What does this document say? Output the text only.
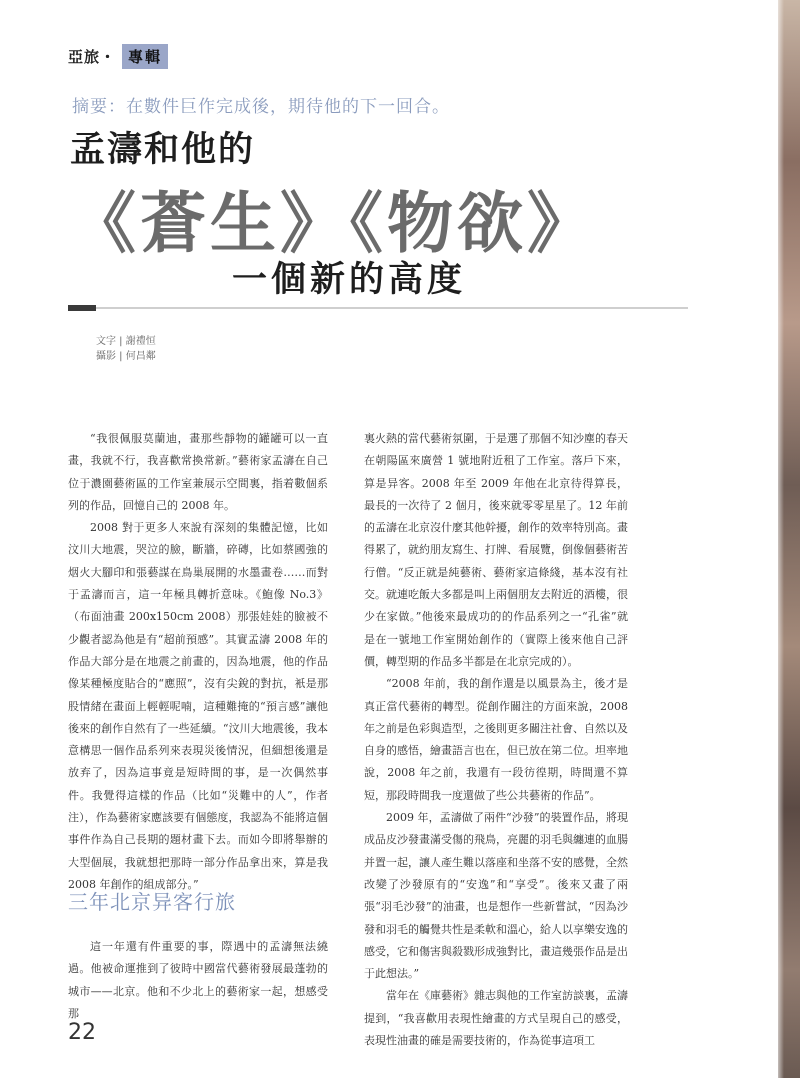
亞旅・ 專輯
摘要：在數件巨作完成後，期待他的下一回合。
孟濤和他的
《蒼生》《物欲》
一個新的高度
文字 | 謝禮恒
攝影 | 何昌鄰

“我很佩服莫蘭迪，畫那些靜物的罐罐可以一直畫，我就不行，我喜歡常換常新。”藝術家孟濤在自己位于濃園藝術區的工作室兼展示空間裏，指着數個系列的作品，回憶自己的 2008 年。

2008 對于更多人來說有深刻的集體記憶，比如汶川大地震，哭泣的臉，斷牆，碎磚，比如蔡國強的烟火大腳印和張藝謀在鳥巢展開的水墨畫卷……而對于孟濤而言，這一年極具轉折意味。《鮑像 No.3》（布面油畫 200x150cm 2008）那張娃娃的臉被不少觀者認為他是有“超前預感”。其實孟濤 2008 年的作品大部分是在地震之前畫的，因為地震，他的作品像某種極度貼合的“應照”，沒有尖銳的對抗，衹是那股情緒在畫面上輕輕呢喃，這種難掩的“預言感”讓他後來的創作自然有了一些延續。“汶川大地震後，我本意構思一個作品系列來表現災後情況，但細想後還是放弃了，因為這事竟是短時間的事，是一次偶然事件。我覺得這樣的作品（比如“災難中的人”，作者注），作為藝術家應該要有個態度，我認為不能將這個事件作為自己長期的題材畫下去。而如今即將舉辦的大型個展，我就想把那時一部分作品拿出來，算是我 2008 年創作的組成部分。”

三年北京异客行旅

這一年還有件重要的事，際遇中的孟濤無法繞過。他被命運推到了彼時中國當代藝術發展最蓬勃的城市——北京。他和不少北上的藝術家一起，想感受那

裏火熱的當代藝術氛圍，于是選了那個不知沙塵的春天在朝陽區來廣營 1 號地附近租了工作室。落戶下來，算是异客。2008 年至 2009 年他在北京待得算長，最長的一次待了 2 個月，後來就零零星星了。12 年前的孟濤在北京沒什麼其他幹擾，創作的效率特別高。畫得累了，就約朋友寫生、打牌、看展覽，倒像個藝術苦行僧。“反正就是純藝術、藝術家這條綫，基本沒有社交。就連吃飯大多都是叫上兩個朋友去附近的酒樓，很少在家做。”他後來最成功的的作品系列之一“孔雀”就是在一號地工作室開始創作的（實際上後來他自己評價，轉型期的作品多半都是在北京完成的）。

“2008 年前，我的創作還是以風景為主，後才是真正當代藝術的轉型。從創作關注的方面來說，2008 年之前是色彩與造型，之後則更多關注社會、自然以及自身的感悟，繪畫語言也在，但已放在第二位。坦率地說，2008 年之前，我還有一段彷徨期，時間還不算短，那段時間我一度還做了些公共藝術的作品”。

2009 年，孟濤做了兩件“沙發”的裝置作品，將現成品皮沙發畫滿受傷的飛鳥，亮麗的羽毛與纏連的血腸并置一起，讓人產生難以落座和坐落不安的感覺，全然改變了沙發原有的“安逸”和“享受”。後來又畫了兩張“羽毛沙發”的油畫，也是想作一些新嘗試，“因為沙發和羽毛的觸覺共性是柔軟和溫心，給人以享樂安逸的感受，它和傷害與殺戮形成強對比，畫這幾張作品是出于此想法。”

當年在《庫藝術》雜志與他的工作室訪談裏，孟濤提到，“我喜歡用表現性繪畫的方式呈現自己的感受，表現性油畫的確是需要技術的，作為從事這項工

22
